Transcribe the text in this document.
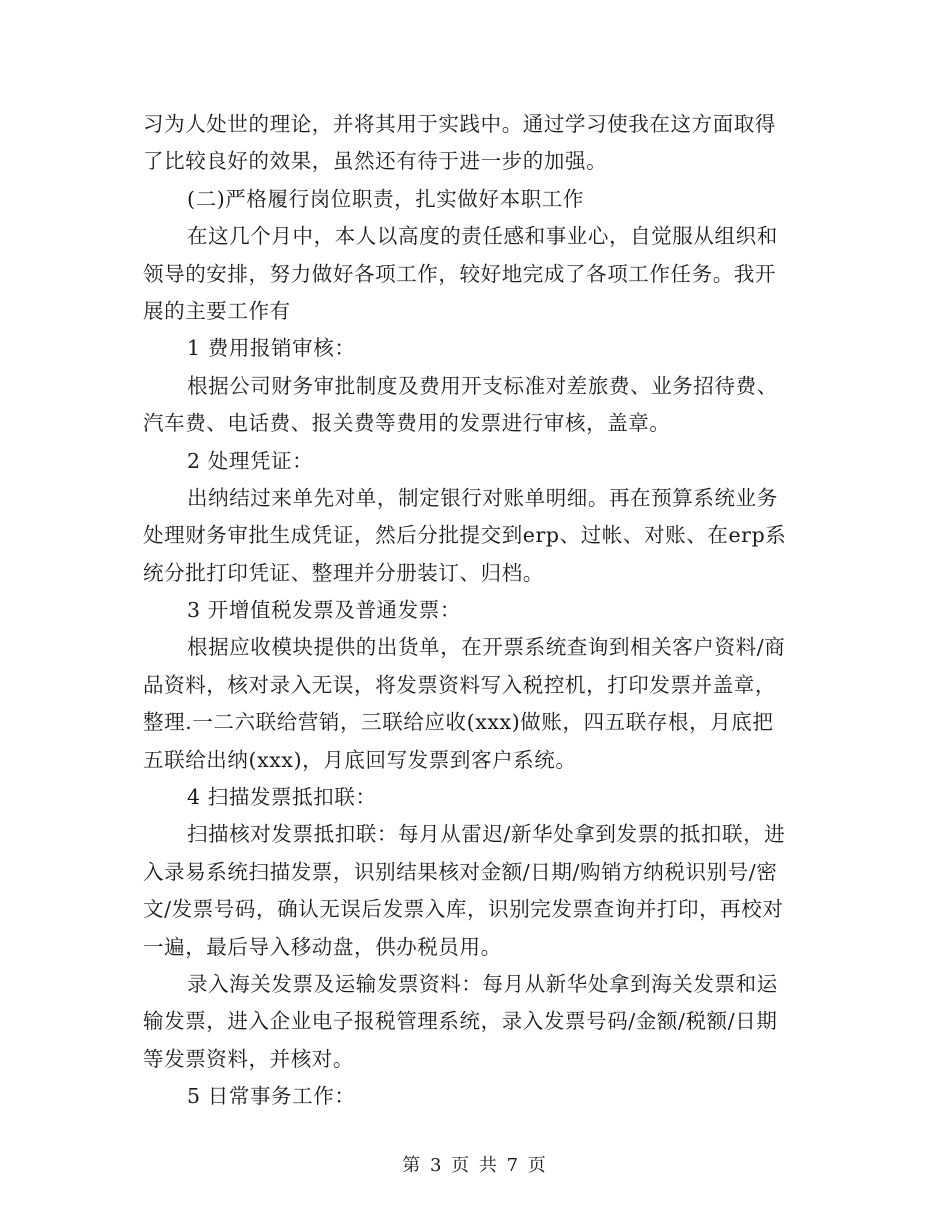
习为人处世的理论，并将其用于实践中。通过学习使我在这方面取得
了比较良好的效果，虽然还有待于进一步的加强。
(二)严格履行岗位职责，扎实做好本职工作
在这几个月中，本人以高度的责任感和事业心，自觉服从组织和
领导的安排，努力做好各项工作，较好地完成了各项工作任务。我开
展的主要工作有
1 费用报销审核：
根据公司财务审批制度及费用开支标准对差旅费、业务招待费、
汽车费、电话费、报关费等费用的发票进行审核，盖章。
2 处理凭证：
出纳结过来单先对单，制定银行对账单明细。再在预算系统业务
处理财务审批生成凭证，然后分批提交到erp、过帐、对账、在erp系
统分批打印凭证、整理并分册装订、归档。
3 开增值税发票及普通发票：
根据应收模块提供的出货单，在开票系统查询到相关客户资料/商
品资料，核对录入无误，将发票资料写入税控机，打印发票并盖章，
整理.一二六联给营销，三联给应收(xxx)做账，四五联存根，月底把
五联给出纳(xxx)，月底回写发票到客户系统。
4 扫描发票抵扣联：
扫描核对发票抵扣联：每月从雷迟/新华处拿到发票的抵扣联，进
入录易系统扫描发票，识别结果核对金额/日期/购销方纳税识别号/密
文/发票号码，确认无误后发票入库，识别完发票查询并打印，再校对
一遍，最后导入移动盘，供办税员用。
录入海关发票及运输发票资料：每月从新华处拿到海关发票和运
输发票，进入企业电子报税管理系统，录入发票号码/金额/税额/日期
等发票资料，并核对。
5 日常事务工作：
第 3 页 共 7 页
